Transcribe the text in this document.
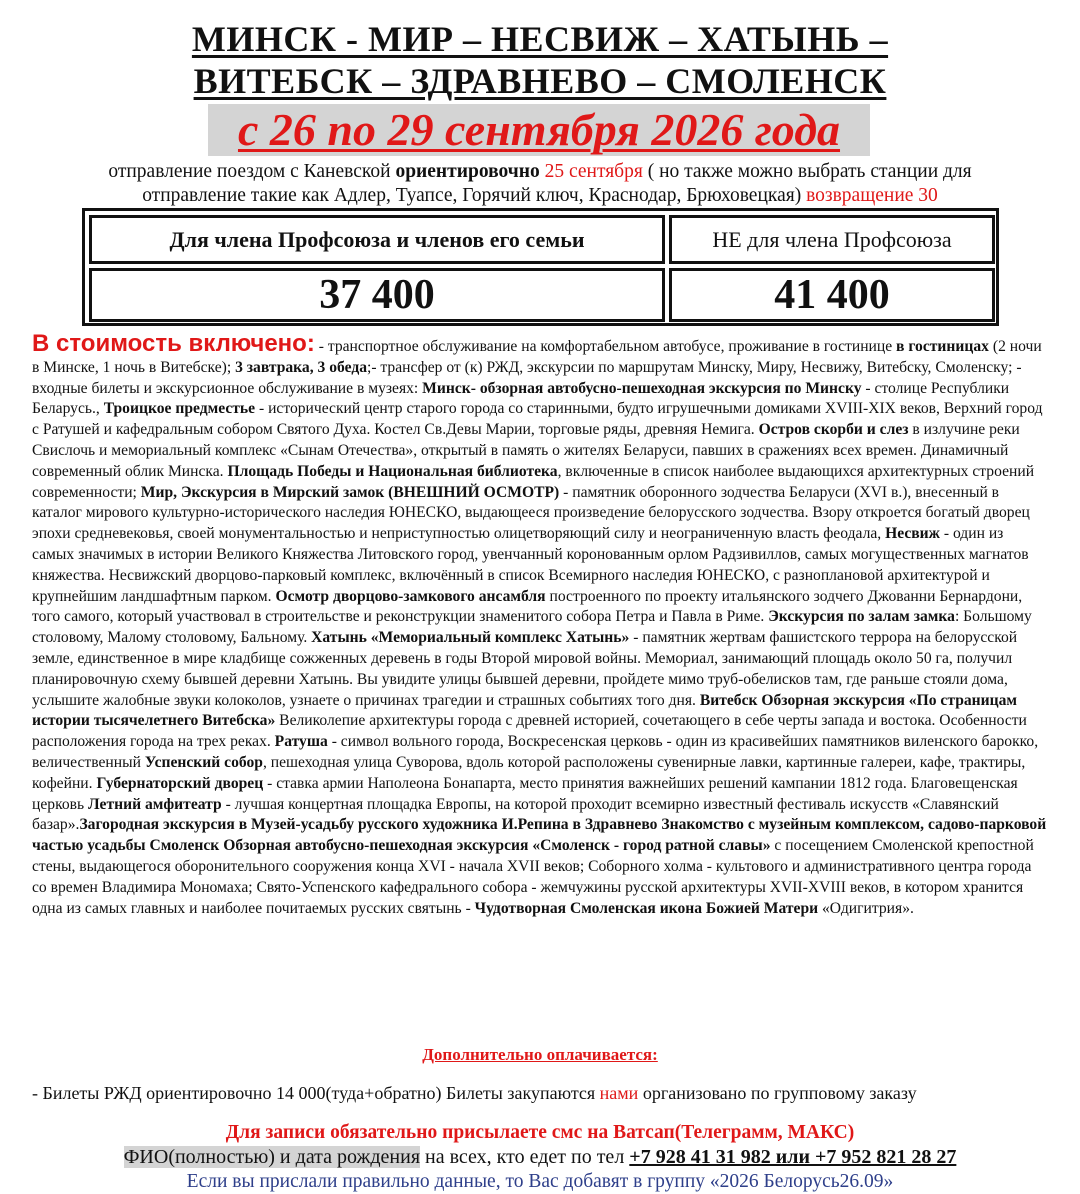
МИНСК - МИР – НЕСВИЖ – ХАТЫНЬ –
ВИТЕБСК – ЗДРАВНЕВО – СМОЛЕНСК
с 26 по 29 сентября 2026 года

отправление поездом с Каневской ориентировочно 25 сентября ( но также можно выбрать станции для

отправление такие как Адлер, Туапсе, Горячий ключ, Краснодар, Брюховецкая) возвращение 30

Для члена Профсоюза и членов его семьи	НЕ для члена Профсоюза
37 400	41 400

В стоимость включено: - транспортное обслуживание на комфортабельном автобусе, проживание в гостинице в гостиницах (2 ночи в Минске, 1 ночь в Витебске); 3 завтрака, 3 обеда;- трансфер от (к) РЖД, экскурсии по маршрутам Минску, Миру, Несвижу, Витебску, Смоленску; - входные билеты и экскурсионное обслуживание в музеях: Минск- обзорная автобусно-пешеходная экскурсия по Минску - столице Республики Беларусь., Троицкое предместье - исторический центр старого города со старинными, будто игрушечными домиками XVIII-XIX веков, Верхний город с Ратушей и кафедральным собором Святого Духа. Костел Св.Девы Марии, торговые ряды, древняя Немига. Остров скорби и слез в излучине реки Свислочь и мемориальный комплекс «Сынам Отечества», открытый в память о жителях Беларуси, павших в сражениях всех времен. Динамичный современный облик Минска. Площадь Победы и Национальная библиотека, включенные в список наиболее выдающихся архитектурных строений современности; Мир, Экскурсия в Мирский замок (ВНЕШНИЙ ОСМОТР) - памятник оборонного зодчества Беларуси (XVI в.), внесенный в каталог мирового культурно-исторического наследия ЮНЕСКО, выдающееся произведение белорусского зодчества. Взору откроется богатый дворец эпохи средневековья, своей монументальностью и неприступностью олицетворяющий силу и неограниченную власть феодала, Несвиж - один из самых значимых в истории Великого Княжества Литовского город, увенчанный коронованным орлом Радзивиллов, самых могущественных магнатов княжества. Несвижский дворцово-парковый комплекс, включённый в список Всемирного наследия ЮНЕСКО, с разноплановой архитектурой и крупнейшим ландшафтным парком. Осмотр дворцово-замкового ансамбля построенного по проекту итальянского зодчего Джованни Бернардони, того самого, который участвовал в строительстве и реконструкции знаменитого собора Петра и Павла в Риме. Экскурсия по залам замка: Большому столовому, Малому столовому, Бальному. Хатынь «Мемориальный комплекс Хатынь» - памятник жертвам фашистского террора на белорусской земле, единственное в мире кладбище сожженных деревень в годы Второй мировой войны. Мемориал, занимающий площадь около 50 га, получил планировочную схему бывшей деревни Хатынь. Вы увидите улицы бывшей деревни, пройдете мимо труб-обелисков там, где раньше стояли дома, услышите жалобные звуки колоколов, узнаете о причинах трагедии и страшных событиях того дня. Витебск Обзорная экскурсия «По страницам истории тысячелетнего Витебска» Великолепие архитектуры города с древней историей, сочетающего в себе черты запада и востока. Особенности расположения города на трех реках. Ратуша - символ вольного города, Воскресенская церковь - один из красивейших памятников виленского барокко, величественный Успенский собор, пешеходная улица Суворова, вдоль которой расположены сувенирные лавки, картинные галереи, кафе, трактиры, кофейни. Губернаторский дворец - ставка армии Наполеона Бонапарта, место принятия важнейших решений кампании 1812 года. Благовещенская церковь Летний амфитеатр - лучшая концертная площадка Европы, на которой проходит всемирно известный фестиваль искусств «Славянский базар».Загородная экскурсия в Музей-усадьбу русского художника И.Репина в Здравнево Знакомство с музейным комплексом, садово-парковой частью усадьбы Смоленск Обзорная автобусно-пешеходная экскурсия «Смоленск - город ратной славы» с посещением Смоленской крепостной стены, выдающегося оборонительного сооружения конца XVI - начала XVII веков; Соборного холма - культового и административного центра города со времен Владимира Мономаха; Свято-Успенского кафедрального собора - жемчужины русской архитектуры XVII-XVIII веков, в котором хранится одна из самых главных и наиболее почитаемых русских святынь - Чудотворная Смоленская икона Божией Матери «Одигитрия».

Дополнительно оплачивается:

- Билеты РЖД ориентировочно 14 000(туда+обратно) Билеты закупаются нами организовано по групповому заказу

Для записи обязательно присылаете смс на Ватсап(Телеграмм, МАКС)

ФИО(полностью) и дата рождения на всех, кто едет по тел +7 928 41 31 982 или +7 952 821 28 27

Если вы прислали правильно данные, то Вас добавят в группу «2026 Белорусь26.09»
